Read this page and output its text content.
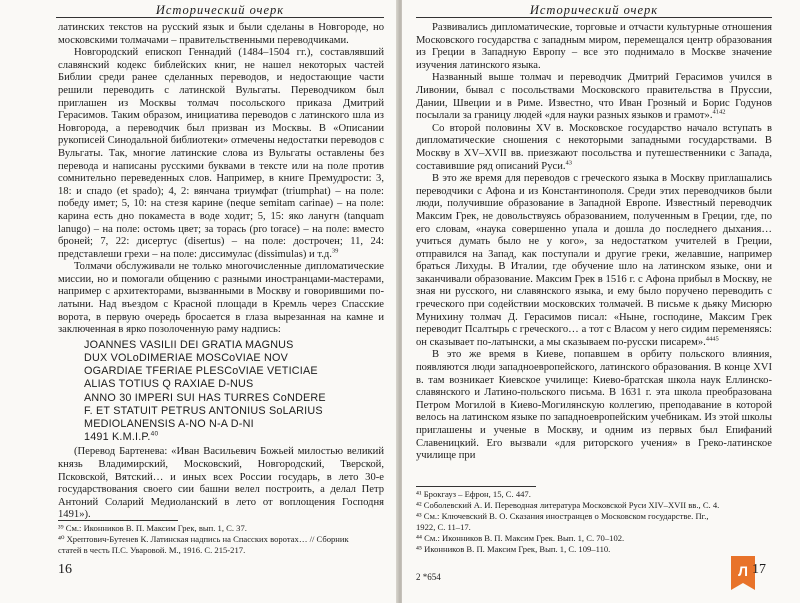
Исторический очерк

латинских текстов на русский язык и были сделаны в Новгороде, но московскими толмачами – правительственными переводчиками.

Новгородский епископ Геннадий (1484–1504 гг.), составлявший славянский кодекс библейских книг, не нашел некоторых частей Библии среди ранее сделанных переводов, и недостающие части решили переводить с латинской Вульгаты. Переводчиком был приглашен из Москвы толмач посольского приказа Дмитрий Герасимов. Таким образом, инициатива переводов с латинского шла из Новгорода, а переводчик был призван из Москвы. В «Описании рукописей Синодальной библиотеки» отмечены недостатки переводов с Вульгаты. Так, многие латинские слова из Вульгаты оставлены без перевода и написаны русскими буквами в тексте или на поле против сомнительно переведенных слов. Например, в книге Премудрости: 3, 18: и спадо (et spado); 4, 2: вянчана триумфат (triumphat) – на поле: победу имет; 5, 10: на стезя карине (neque semitam carinae) – на поле: карина есть дно покаместа в воде ходит; 5, 15: яко ланугн (tanquam lanugo) – на поле: остомь цвет; за торась (pro torace) – на поле: вместо броней; 7, 22: дисертус (disertus) – на поле: дострочен; 11, 24: представлеши грехи – на поле: диссимулас (dissimulas) и т.д.$^{39}$

Толмачи обслуживали не только многочисленные дипломатические миссии, но и помогали общению с разными иностранцами-мастерами, например с архитекторами, вызванными в Москву и говорившими по-латыни. Над въездом с Красной площади в Кремль через Спасские ворота, в первую очередь бросается в глаза вырезанная на камне и заключенная в ярко позолоченную раму надпись:

JOANNES VASILII DEI GRATIA MAGNUS
DUX VOLoDIMERIAE MOSCoVIAE NOV
OGARDIAE TFERIAE PLESCoVIAE VETICIAE
ALIAS TOTIUS Q RAXIAE D-NUS
ANNO 30 IMPERI SUI HAS TURRES CoNDERE
F. ET STATUIT PETRUS ANTONIUS SoLARIUS
MEDIOLANENSIS A-NO N-A D-NI
1491 K.M.I.P.$^{40}$

(Перевод Бартенева: «Иван Васильевич Божьей милостью великий князь Владимирский, Московский, Новгородский, Тверской, Псковской, Вятский… и иных всех России государь, в лето 30-е государствования своего сии башни велел построить, а делал Петр Антоний Соларий Медиоланский в лето от воплощения Господня 1491»).

³⁹ См.: Иконников В. П. Максим Грек, вып. 1, С. 37.
⁴⁰ Хрептович-Бутенев К. Латинская надпись на Спасских воротах… // Сборник
статей в честь П.С. Уваровой. М., 1916. С. 215-217.
16
Исторический очерк

Развивались дипломатические, торговые и отчасти культурные отношения Московского государства с западным миром, перемещался центр образования из Греции в Западную Европу – все это поднимало в Москве значение изучения латинского языка.

Названный выше толмач и переводчик Дмитрий Герасимов учился в Ливонии, бывал с посольствами Московского правительства в Пруссии, Дании, Швеции и в Риме. Известно, что Иван Грозный и Борис Годунов посылали за границу людей «для науки разных языков и грамот».$^{4142}$

Со второй половины XV в. Московское государство начало вступать в дипломатические сношения с некоторыми западными государствами. В Москву в XV–XVII вв. приезжают посольства и путешественники с Запада, составившие ряд описаний Руси.$^{43}$

В это же время для переводов с греческого языка в Москву приглашались переводчики с Афона и из Константинополя. Среди этих переводчиков были люди, получившие образование в Западной Европе. Известный переводчик Максим Грек, не довольствуясь образованием, полученным в Греции, где, по его словам, «наука совершенно упала и дошла до последнего дыхания… учиться думать было не у кого», за недостатком учителей в Греции, отправился на Запад, как поступали и другие греки, желавшие, например браться Лихуды. В Италии, где обучение шло на латинском языке, они и заканчивали образование. Максим Грек в 1516 г. с Афона прибыл в Москву, не зная ни русского, ни славянского языка, и ему было поручено переводить с греческого при содействии московских толмачей. В письме к дьяку Мисюрю Мунихину толмач Д. Герасимов писал: «Ныне, господине, Максим Грек переводит Псалтырь с греческого… а тот с Власом у него сидим переменяясь: он сказывает по-латынски, а мы сказываем по-русски писарем».$^{4445}$

В это же время в Киеве, попавшем в орбиту польского влияния, появляются люди западноевропейского, латинского образования. В конце XVI в. там возникает Киевское училище: Киево-братская школа наук Еллинско-славянского и Латино-польского письма. В 1631 г. эта школа преобразована Петром Могилой в Киево-Могилянскую коллегию, преподавание в которой велось на латинском языке по западноевропейским учебникам. Из этой школы приглашены и ученые в Москву, и одним из первых был Епифаний Славеницкий. Его вызвали «для риторского учения» в Греко-латинское училище при

⁴¹ Брокгауз – Ефрон, 15, С. 447.
⁴² Соболевский А. И. Переводная литература Московской Руси XIV–XVII вв., С. 4.
⁴³ См.: Ключевский В. О. Сказания иностранцев о Московском государстве. Пг.,
1922, С. 11–17.
⁴⁴ См.: Иконников В. П. Максим Грек. Вып. 1, С. 70–102.
⁴⁵ Иконников В. П. Максим Грек, Вып. 1, С. 109–110.
2 *654	Л 17
